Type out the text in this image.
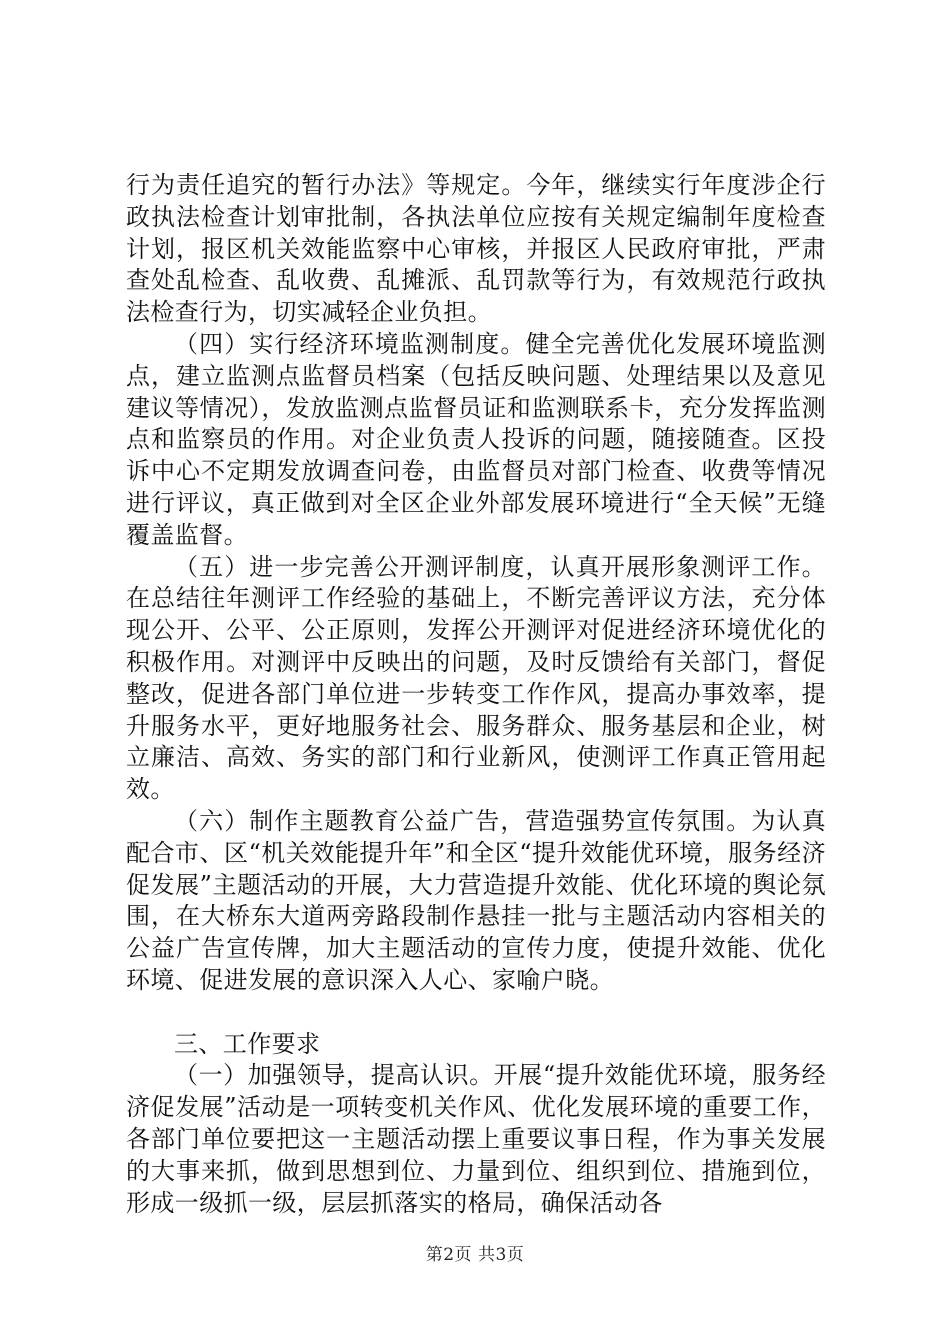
行为责任追究的暂行办法》等规定。今年，继续实行年度涉企行政执法检查计划审批制，各执法单位应按有关规定编制年度检查计划，报区机关效能监察中心审核，并报区人民政府审批，严肃查处乱检查、乱收费、乱摊派、乱罚款等行为，有效规范行政执法检查行为，切实减轻企业负担。

（四）实行经济环境监测制度。健全完善优化发展环境监测点，建立监测点监督员档案（包括反映问题、处理结果以及意见建议等情况），发放监测点监督员证和监测联系卡，充分发挥监测点和监察员的作用。对企业负责人投诉的问题，随接随查。区投诉中心不定期发放调查问卷，由监督员对部门检查、收费等情况进行评议，真正做到对全区企业外部发展环境进行“全天候”无缝覆盖监督。

（五）进一步完善公开测评制度，认真开展形象测评工作。在总结往年测评工作经验的基础上，不断完善评议方法，充分体现公开、公平、公正原则，发挥公开测评对促进经济环境优化的积极作用。对测评中反映出的问题，及时反馈给有关部门，督促整改，促进各部门单位进一步转变工作作风，提高办事效率，提升服务水平，更好地服务社会、服务群众、服务基层和企业，树立廉洁、高效、务实的部门和行业新风，使测评工作真正管用起效。

（六）制作主题教育公益广告，营造强势宣传氛围。为认真配合市、区“机关效能提升年”和全区“提升效能优环境，服务经济促发展”主题活动的开展，大力营造提升效能、优化环境的舆论氛围，在大桥东大道两旁路段制作悬挂一批与主题活动内容相关的公益广告宣传牌，加大主题活动的宣传力度，使提升效能、优化环境、促进发展的意识深入人心、家喻户晓。

三、工作要求

（一）加强领导，提高认识。开展“提升效能优环境，服务经济促发展”活动是一项转变机关作风、优化发展环境的重要工作，各部门单位要把这一主题活动摆上重要议事日程，作为事关发展的大事来抓，做到思想到位、力量到位、组织到位、措施到位，形成一级抓一级，层层抓落实的格局，确保活动各

第2页 共3页
